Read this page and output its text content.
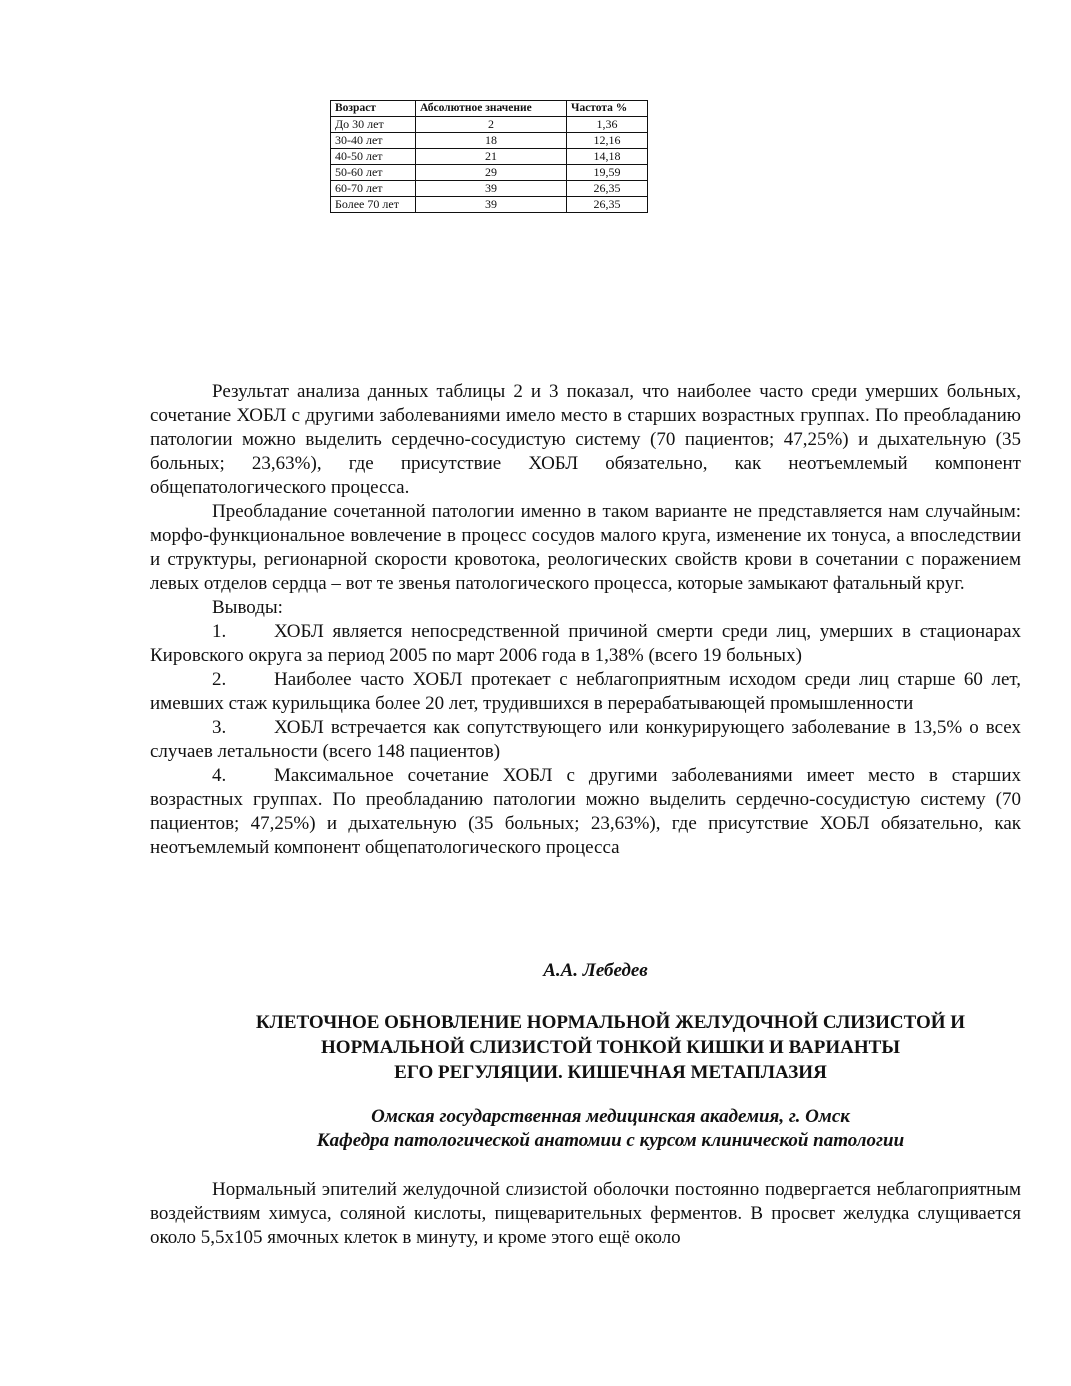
Возраст	Абсолютное значение	Частота %
До 30 лет	2	1,36
30-40 лет	18	12,16
40-50 лет	21	14,18
50-60 лет	29	19,59
60-70 лет	39	26,35
Более 70 лет	39	26,35

Результат анализа данных таблицы 2 и 3 показал, что наиболее часто среди умерших больных, сочетание ХОБЛ с другими заболеваниями имело место в старших возрастных группах. По преобладанию патологии можно выделить сердечно-сосудистую систему (70 пациентов; 47,25%) и дыхательную (35 больных; 23,63%), где присутствие ХОБЛ обязательно, как неотъемлемый компонент общепатологического процесса.

Преобладание сочетанной патологии именно в таком варианте не представляется нам случайным: морфо-функциональное вовлечение в процесс сосудов малого круга, изменение их тонуса, а впоследствии и структуры, регионарной скорости кровотока, реологических свойств крови в сочетании с поражением левых отделов сердца – вот те звенья патологического процесса, которые замыкают фатальный круг.

Выводы:

1.	ХОБЛ является непосредственной причиной смерти среди лиц, умерших в стационарах Кировского округа за период 2005 по март 2006 года в 1,38% (всего 19 больных)

2.	Наиболее часто ХОБЛ протекает с неблагоприятным исходом среди лиц старше 60 лет, имевших стаж курильщика более 20 лет, трудившихся в перерабатывающей промышленности

3.	ХОБЛ встречается как сопутствующего или конкурирующего заболевание в 13,5% о всех случаев летальности (всего 148 пациентов)

4.	Максимальное сочетание ХОБЛ с другими заболеваниями имеет место в старших возрастных группах. По преобладанию патологии можно выделить сердечно-сосудистую систему (70 пациентов; 47,25%) и дыхательную (35 больных; 23,63%), где присутствие ХОБЛ обязательно, как неотъемлемый компонент общепатологического процесса

А.А. Лебедев
КЛЕТОЧНОЕ ОБНОВЛЕНИЕ НОРМАЛЬНОЙ ЖЕЛУДОЧНОЙ СЛИЗИСТОЙ И
НОРМАЛЬНОЙ СЛИЗИСТОЙ ТОНКОЙ КИШКИ И ВАРИАНТЫ
ЕГО РЕГУЛЯЦИИ. КИШЕЧНАЯ МЕТАПЛАЗИЯ
Омская государственная медицинская академия, г. Омск
Кафедра патологической анатомии с курсом клинической патологии

Нормальный эпителий желудочной слизистой оболочки постоянно подвергается неблагоприятным воздействиям химуса, соляной кислоты, пищеварительных ферментов. В просвет желудка слущивается около 5,5х105 ямочных клеток в минуту, и кроме этого ещё около
